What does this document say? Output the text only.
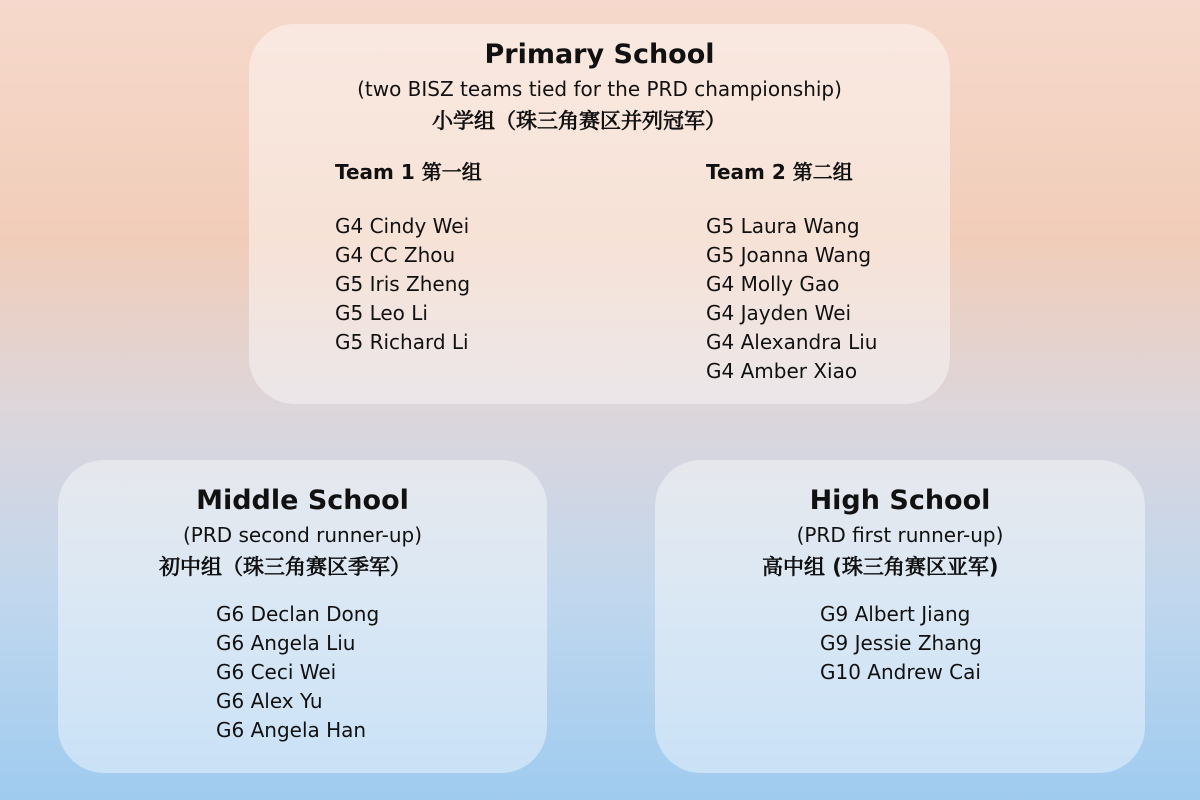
Primary School
(two BISZ teams tied for the PRD championship)
小学组（珠三角赛区并列冠军）
Team 1 第一组
G4 Cindy Wei
G4 CC Zhou
G5 Iris Zheng
G5 Leo Li
G5 Richard Li
Team 2 第二组
G5 Laura Wang
G5 Joanna Wang
G4 Molly Gao
G4 Jayden Wei
G4 Alexandra Liu
G4 Amber Xiao
Middle School
(PRD second runner-up)
初中组（珠三角赛区季军）
G6 Declan Dong
G6 Angela Liu
G6 Ceci Wei
G6 Alex Yu
G6 Angela Han
High School
(PRD first runner-up)
高中组 (珠三角赛区亚军)
G9 Albert Jiang
G9 Jessie Zhang
G10 Andrew Cai
